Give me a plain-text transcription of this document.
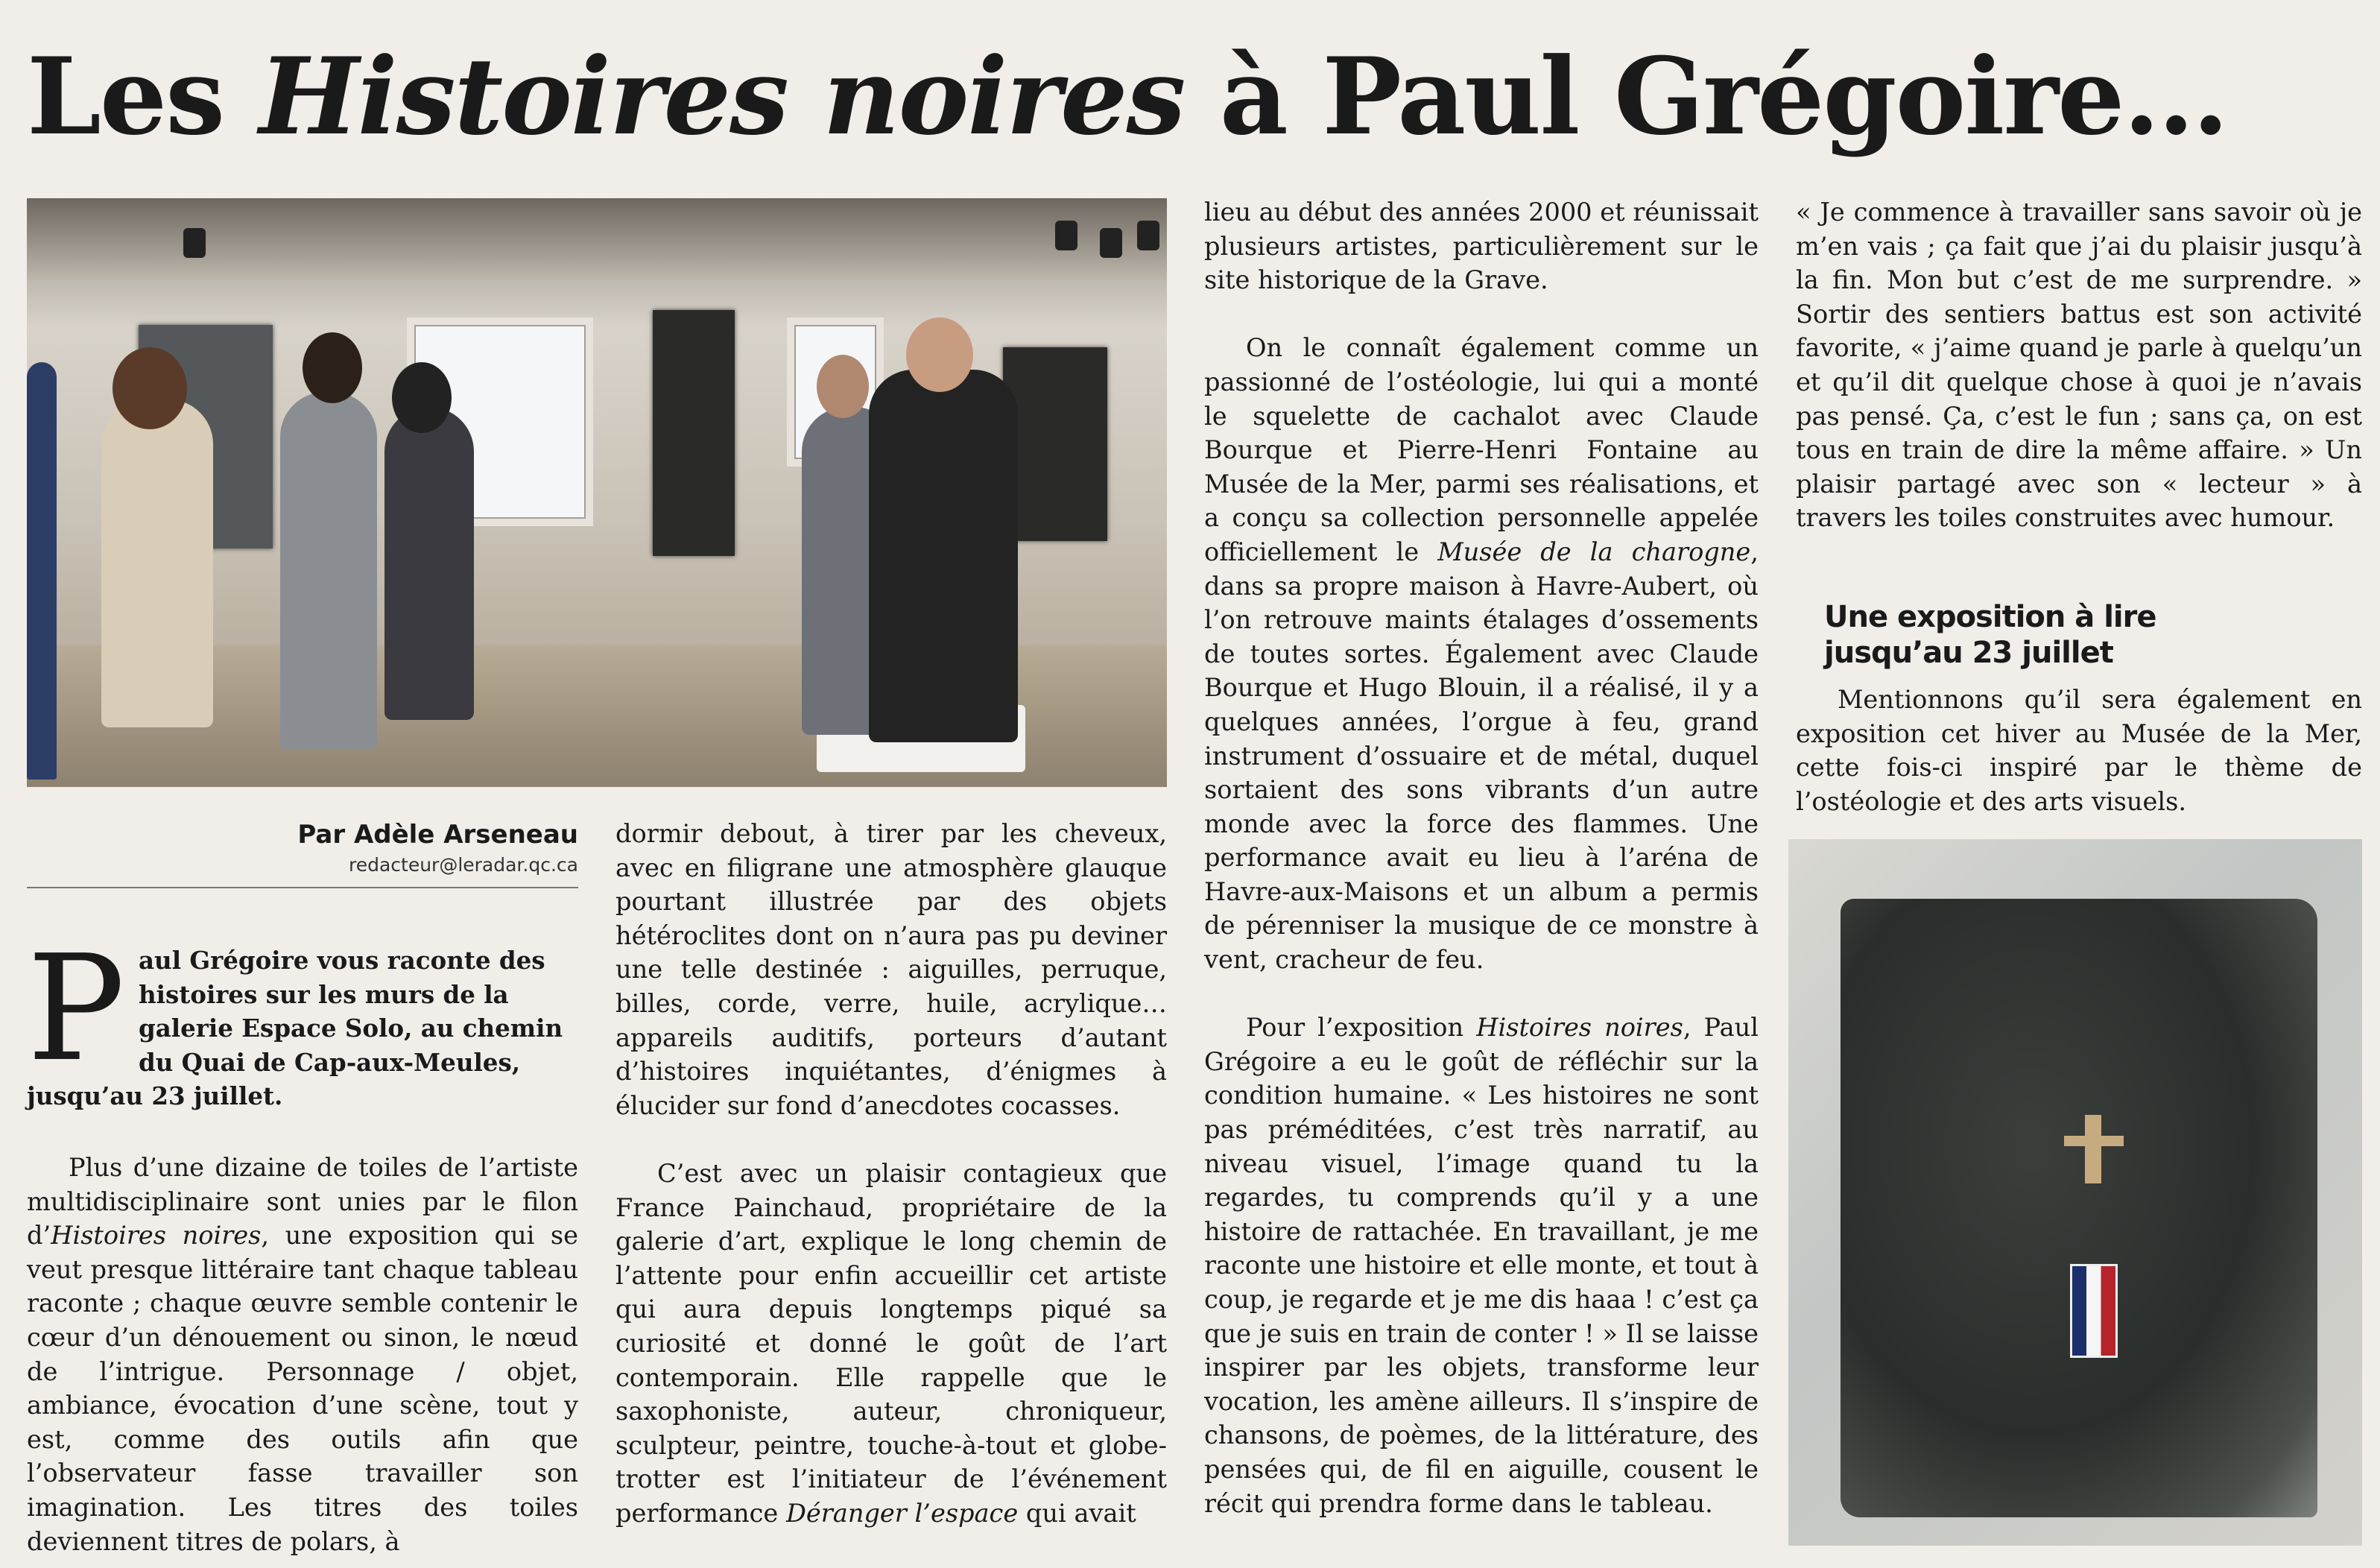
Les Histoires noires à Paul Grégoire…

Plus d’une dizaine de toiles de l’artiste multidisciplinaire sont unies par le filon d’Histoires noires, une exposition qui se veut presque littéraire tant chaque tableau raconte ; chaque œuvre semble contenir le cœur d’un dénouement ou sinon, le nœud de l’intrigue. Personnage / objet, ambiance, évocation d’une scène, tout y est, comme des outils afin que l’observateur fasse travailler son imagination. Les titres des toiles deviennent titres de polars, à

Par Adèle Arseneau
redacteur@leradar.qc.ca
P aul Grégoire vous raconte des
histoires sur les murs de la
galerie Espace Solo, au chemin
du Quai de Cap-aux-Meules,
jusqu’au 23 juillet.

dormir debout, à tirer par les cheveux, avec en filigrane une atmosphère glauque pourtant illustrée par des objets hétéroclites dont on n’aura pas pu deviner une telle destinée : aiguilles, perruque, billes, corde, verre, huile, acrylique… appareils auditifs, porteurs d’autant d’histoires inquiétantes, d’énigmes à élucider sur fond d’anecdotes cocasses.

C’est avec un plaisir contagieux que France Painchaud, propriétaire de la galerie d’art, explique le long chemin de l’attente pour enfin accueillir cet artiste qui aura depuis longtemps piqué sa curiosité et donné le goût de l’art contemporain. Elle rappelle que le saxophoniste, auteur, chroniqueur, sculpteur, peintre, touche-à-tout et globe-trotter est l’initiateur de l’événement performance Déranger l’espace qui avait

lieu au début des années 2000 et réunissait plusieurs artistes, particulièrement sur le site historique de la Grave.

On le connaît également comme un passionné de l’ostéologie, lui qui a monté le squelette de cachalot avec Claude Bourque et Pierre-Henri Fontaine au Musée de la Mer, parmi ses réalisations, et a conçu sa collection personnelle appelée officiellement le Musée de la charogne, dans sa propre maison à Havre-Aubert, où l’on retrouve maints étalages d’ossements de toutes sortes. Également avec Claude Bourque et Hugo Blouin, il a réalisé, il y a quelques années, l’orgue à feu, grand instrument d’ossuaire et de métal, duquel sortaient des sons vibrants d’un autre monde avec la force des flammes. Une performance avait eu lieu à l’aréna de Havre-aux-Maisons et un album a permis de pérenniser la musique de ce monstre à vent, cracheur de feu.

Pour l’exposition Histoires noires, Paul Grégoire a eu le goût de réfléchir sur la condition humaine. « Les histoires ne sont pas préméditées, c’est très narratif, au niveau visuel, l’image quand tu la regardes, tu comprends qu’il y a une histoire de rattachée. En travaillant, je me raconte une histoire et elle monte, et tout à coup, je regarde et je me dis haaa ! c’est ça que je suis en train de conter ! » Il se laisse inspirer par les objets, transforme leur vocation, les amène ailleurs. Il s’inspire de chansons, de poèmes, de la littérature, des pensées qui, de fil en aiguille, cousent le récit qui prendra forme dans le tableau.

« Je commence à travailler sans savoir où je m’en vais ; ça fait que j’ai du plaisir jusqu’à la fin. Mon but c’est de me surprendre. » Sortir des sentiers battus est son activité favorite, « j’aime quand je parle à quelqu’un et qu’il dit quelque chose à quoi je n’avais pas pensé. Ça, c’est le fun ; sans ça, on est tous en train de dire la même affaire. » Un plaisir partagé avec son « lecteur » à travers les toiles construites avec humour.

Une exposition à lire
jusqu’au 23 juillet

Mentionnons qu’il sera également en exposition cet hiver au Musée de la Mer, cette fois-ci inspiré par le thème de l’ostéologie et des arts visuels.
